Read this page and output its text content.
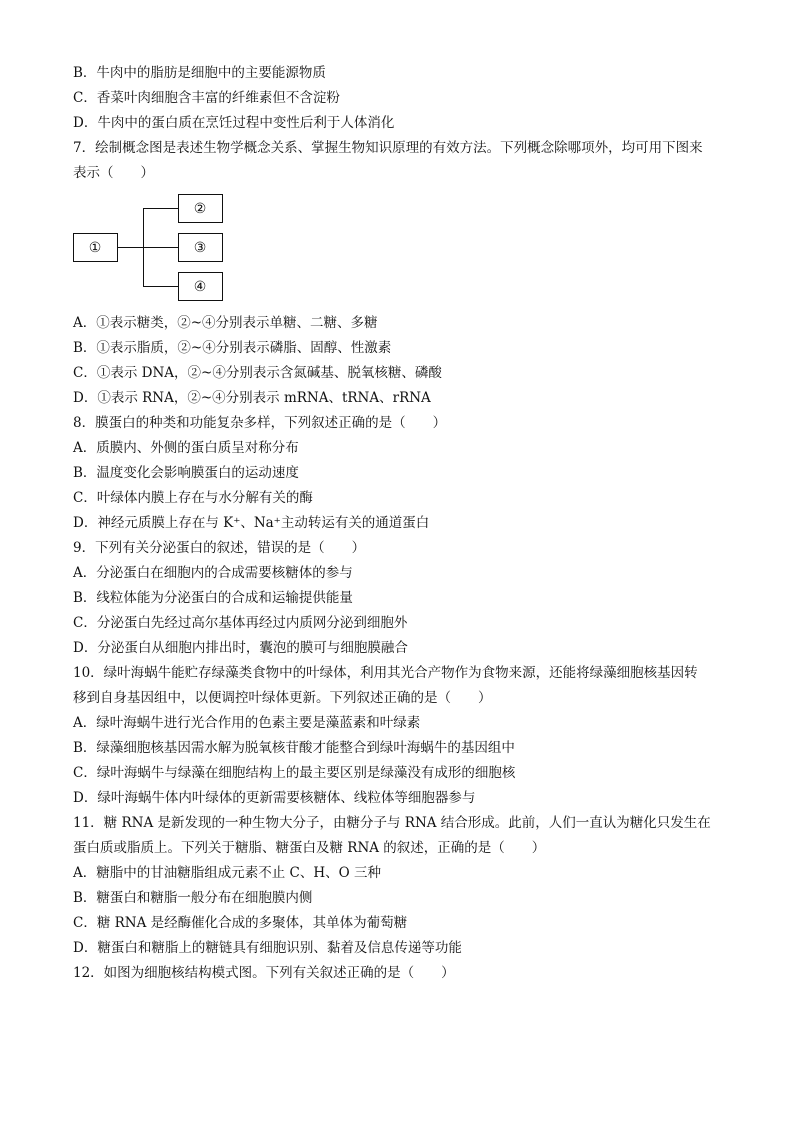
B．牛肉中的脂肪是细胞中的主要能源物质
C．香菜叶肉细胞含丰富的纤维素但不含淀粉
D．牛肉中的蛋白质在烹饪过程中变性后利于人体消化
7．绘制概念图是表述生物学概念关系、掌握生物知识原理的有效方法。下列概念除哪项外，均可用下图来
表示（　　）
①
②
③
④
A．①表示糖类，②~④分别表示单糖、二糖、多糖
B．①表示脂质，②~④分别表示磷脂、固醇、性激素
C．①表示 DNA，②~④分别表示含氮碱基、脱氧核糖、磷酸
D．①表示 RNA，②~④分别表示 mRNA、tRNA、rRNA
8．膜蛋白的种类和功能复杂多样，下列叙述正确的是（　　）
A．质膜内、外侧的蛋白质呈对称分布
B．温度变化会影响膜蛋白的运动速度
C．叶绿体内膜上存在与水分解有关的酶
D．神经元质膜上存在与 K⁺、Na⁺主动转运有关的通道蛋白
9．下列有关分泌蛋白的叙述，错误的是（　　）
A．分泌蛋白在细胞内的合成需要核糖体的参与
B．线粒体能为分泌蛋白的合成和运输提供能量
C．分泌蛋白先经过高尔基体再经过内质网分泌到细胞外
D．分泌蛋白从细胞内排出时，囊泡的膜可与细胞膜融合
10．绿叶海蜗牛能贮存绿藻类食物中的叶绿体，利用其光合产物作为食物来源，还能将绿藻细胞核基因转
移到自身基因组中，以便调控叶绿体更新。下列叙述正确的是（　　）
A．绿叶海蜗牛进行光合作用的色素主要是藻蓝素和叶绿素
B．绿藻细胞核基因需水解为脱氧核苷酸才能整合到绿叶海蜗牛的基因组中
C．绿叶海蜗牛与绿藻在细胞结构上的最主要区别是绿藻没有成形的细胞核
D．绿叶海蜗牛体内叶绿体的更新需要核糖体、线粒体等细胞器参与
11．糖 RNA 是新发现的一种生物大分子，由糖分子与 RNA 结合形成。此前，人们一直认为糖化只发生在
蛋白质或脂质上。下列关于糖脂、糖蛋白及糖 RNA 的叙述，正确的是（　　）
A．糖脂中的甘油糖脂组成元素不止 C、H、O 三种
B．糖蛋白和糖脂一般分布在细胞膜内侧
C．糖 RNA 是经酶催化合成的多聚体，其单体为葡萄糖
D．糖蛋白和糖脂上的糖链具有细胞识别、黏着及信息传递等功能
12．如图为细胞核结构模式图。下列有关叙述正确的是（　　）
